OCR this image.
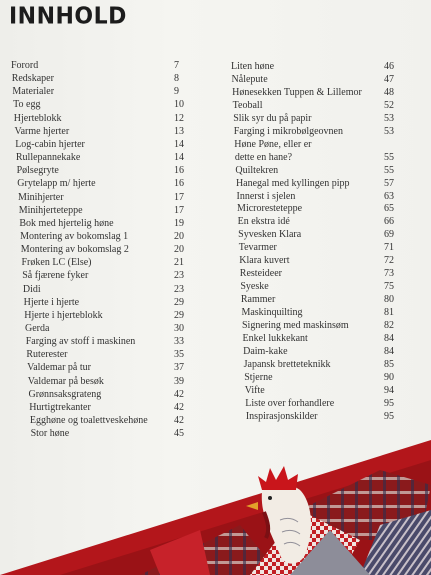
INNHOLD
Forord	7
Redskaper	8
Materialer	9
To egg	10
Hjerteblokk	12
Varme hjerter	13
Log-cabin hjerter	14
Rullepannekake	14
Pølsegryte	16
Grytelapp m/ hjerte	16
Minihjerter	17
Minihjerteteppe	17
Bok med hjertelig høne	19
Montering av bokomslag 1	20
Montering av bokomslag 2	20
Frøken LC (Else)	21
Så fjærene fyker	23
Didi	23
Hjerte i hjerte	29
Hjerte i hjerteblokk	29
Gerda	30
Farging av stoff i maskinen	33
Ruterester	35
Valdemar på tur	37
Valdemar på besøk	39
Grønnsaksgrateng	42
Hurtigtrekanter	42
Egghøne og toalettveskehøne	42
Stor høne	45
Liten høne	46
Nålepute	47
Hønesekken Tuppen & Lillemor 48
Teoball	52
Slik syr du på papir	53
Farging i mikrobølgeovnen	53
Høne Pøne, eller er
dette en hane?	55
Quiltekren	55
Hanegal med kyllingen pipp	57
Innerst i sjelen	63
Microresteteppe	65
En ekstra idé	66
Syvesken Klara	69
Tevarmer	71
Klara kuvert	72
Resteideer	73
Syeske	75
Rammer	80
Maskinquilting	81
Signering med maskinsøm	82
Enkel lukkekant	84
Daim-kake	84
Japansk bretteteknikk	85
Stjerne	90
Vifte	94
Liste over forhandlere	95
Inspirasjonskilder	95
